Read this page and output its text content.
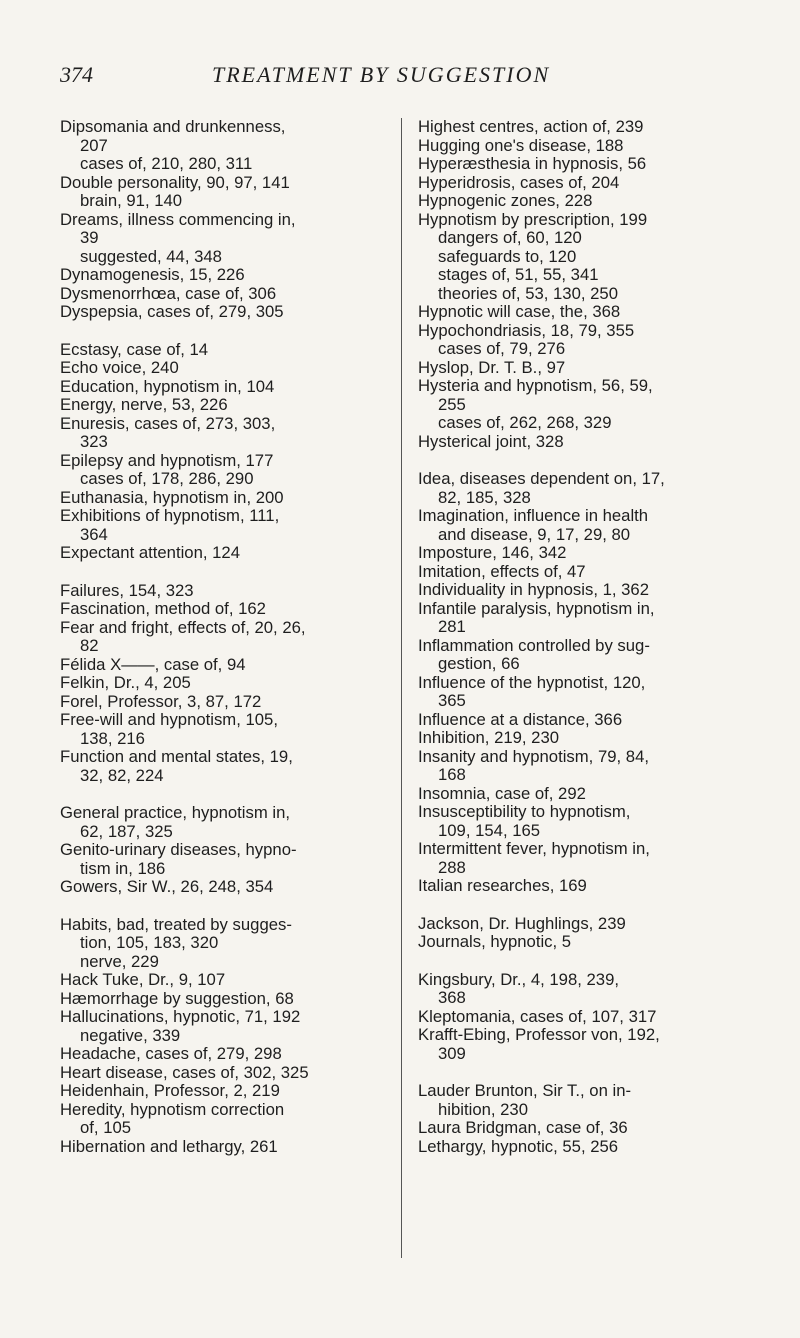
374	TREATMENT BY SUGGESTION
Dipsomania and drunkenness,
207
cases of, 210, 280, 311
Double personality, 90, 97, 141
brain, 91, 140
Dreams, illness commencing in,
39
suggested, 44, 348
Dynamogenesis, 15, 226
Dysmenorrhœa, case of, 306
Dyspepsia, cases of, 279, 305
Ecstasy, case of, 14
Echo voice, 240
Education, hypnotism in, 104
Energy, nerve, 53, 226
Enuresis, cases of, 273, 303,
323
Epilepsy and hypnotism, 177
cases of, 178, 286, 290
Euthanasia, hypnotism in, 200
Exhibitions of hypnotism, 111,
364
Expectant attention, 124
Failures, 154, 323
Fascination, method of, 162
Fear and fright, effects of, 20, 26,
82
Félida X——, case of, 94
Felkin, Dr., 4, 205
Forel, Professor, 3, 87, 172
Free-will and hypnotism, 105,
138, 216
Function and mental states, 19,
32, 82, 224
General practice, hypnotism in,
62, 187, 325
Genito-urinary diseases, hypno-
tism in, 186
Gowers, Sir W., 26, 248, 354
Habits, bad, treated by sugges-
tion, 105, 183, 320
nerve, 229
Hack Tuke, Dr., 9, 107
Hæmorrhage by suggestion, 68
Hallucinations, hypnotic, 71, 192
negative, 339
Headache, cases of, 279, 298
Heart disease, cases of, 302, 325
Heidenhain, Professor, 2, 219
Heredity, hypnotism correction
of, 105
Hibernation and lethargy, 261
Highest centres, action of, 239
Hugging one's disease, 188
Hyperæsthesia in hypnosis, 56
Hyperidrosis, cases of, 204
Hypnogenic zones, 228
Hypnotism by prescription, 199
dangers of, 60, 120
safeguards to, 120
stages of, 51, 55, 341
theories of, 53, 130, 250
Hypnotic will case, the, 368
Hypochondriasis, 18, 79, 355
cases of, 79, 276
Hyslop, Dr. T. B., 97
Hysteria and hypnotism, 56, 59,
255
cases of, 262, 268, 329
Hysterical joint, 328
Idea, diseases dependent on, 17,
82, 185, 328
Imagination, influence in health
and disease, 9, 17, 29, 80
Imposture, 146, 342
Imitation, effects of, 47
Individuality in hypnosis, 1, 362
Infantile paralysis, hypnotism in,
281
Inflammation controlled by sug-
gestion, 66
Influence of the hypnotist, 120,
365
Influence at a distance, 366
Inhibition, 219, 230
Insanity and hypnotism, 79, 84,
168
Insomnia, case of, 292
Insusceptibility to hypnotism,
109, 154, 165
Intermittent fever, hypnotism in,
288
Italian researches, 169
Jackson, Dr. Hughlings, 239
Journals, hypnotic, 5
Kingsbury, Dr., 4, 198, 239,
368
Kleptomania, cases of, 107, 317
Krafft-Ebing, Professor von, 192,
309
Lauder Brunton, Sir T., on in-
hibition, 230
Laura Bridgman, case of, 36
Lethargy, hypnotic, 55, 256
